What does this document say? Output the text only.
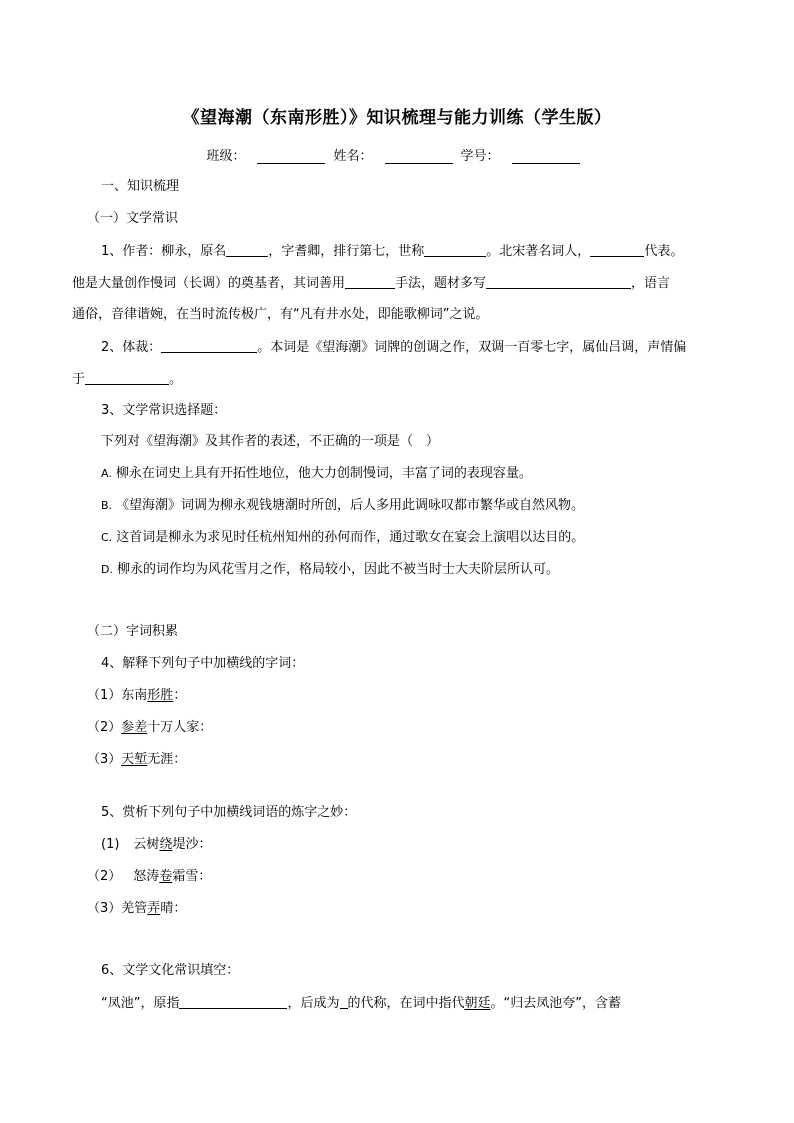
《望海潮（东南形胜）》知识梳理与能力训练（学生版）
班级：	姓名：	学号：
一、知识梳理
（一）文学常识
1、作者：柳永，原名	，字耆卿，排行第七，世称	。北宋著名词人，	代表。
他是大量创作慢词（长调）的奠基者，其词善用	手法，题材多写	，语言
通俗，音律谐婉，在当时流传极广，有“凡有井水处，即能歌柳词”之说。
2、体裁：	。本词是《望海潮》词牌的创调之作，双调一百零七字，属仙吕调，声情偏
于	。
3、文学常识选择题：
下列对《望海潮》及其作者的表述，不正确的一项是（　）
A. 柳永在词史上具有开拓性地位，他大力创制慢词，丰富了词的表现容量。
B. 《望海潮》词调为柳永观钱塘潮时所创，后人多用此调咏叹都市繁华或自然风物。
C. 这首词是柳永为求见时任杭州知州的孙何而作，通过歌女在宴会上演唱以达目的。
D. 柳永的词作均为风花雪月之作，格局较小，因此不被当时士大夫阶层所认可。
（二）字词积累
4、解释下列句子中加横线的字词：
（1）东南形胜：
（2）参差十万人家：
（3）天堑无涯：
5、赏析下列句子中加横线词语的炼字之妙：
(1) 云树绕堤沙：
（2） 怒涛卷霜雪：
（3）羌管弄晴：
6、文学文化常识填空：
“凤池”，原指	，后成为 的代称，在词中指代朝廷。“归去凤池夸”，含蓄
